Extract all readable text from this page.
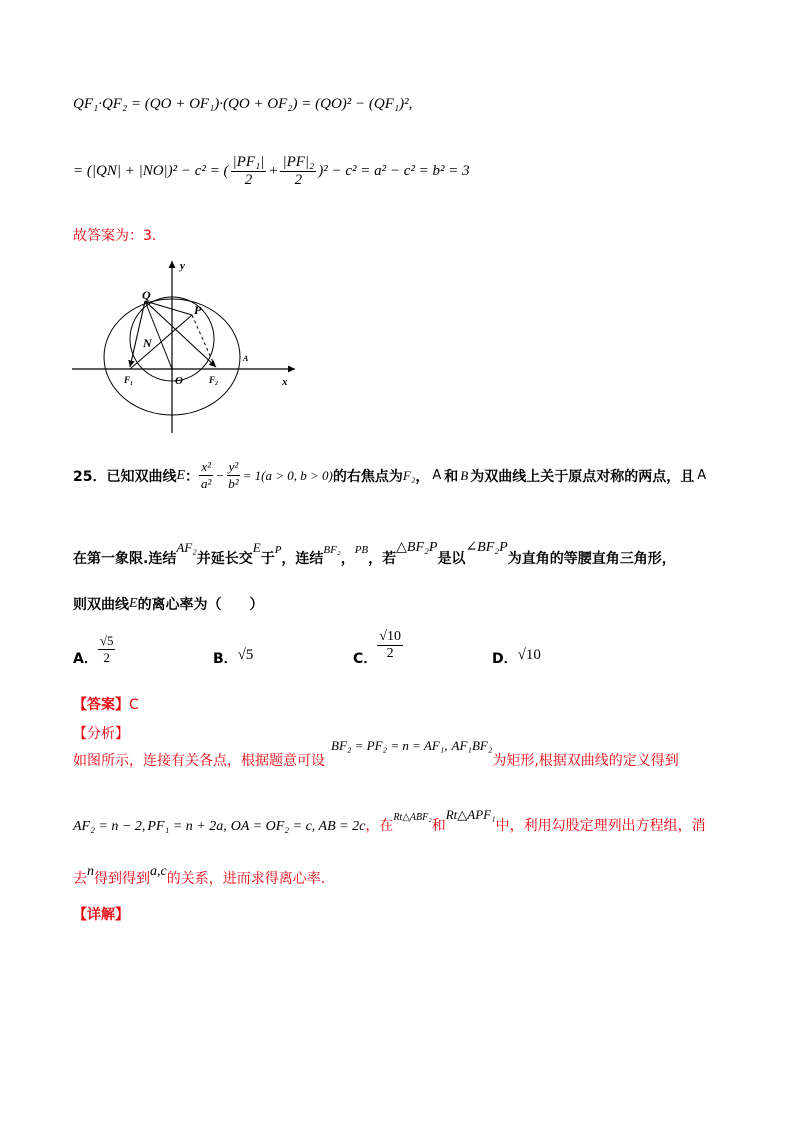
QF₁·QF₂ = (QO + OF₁)·(QO + OF₂) = (QO)² − (QF₁)²,
= (|QN| + |NO|)² − c² = ( $\frac{\text{|PF₁|}}{2} + \frac{\text{|PF|₂}}{2} )^2 - c^2 = a^2 - c^2 = b^2 = 3$
故答案为：3.
y
x
Q
P
N
O
A
F₁	F₂
25． 已知双曲线 E ： $\frac{\text{x²}}{\text{a²}} - \frac{\text{y²}}{\text{b²}} = 1(a > 0$, b > 0) 的右焦点为 F₂ ， A 和 B 为双曲线上关于原点对称的两点，且 A
在第一象限.连结
AF₂
并延长交
E
于
P
，连结
BF₂
，
PB
，若
△BF₂P
是以
∠BF₂P
为直角的等腰直角三角形，
则双曲线 E 的离心率为（　　）
A． $\frac{√5}{2}$	B． √5	C． $\frac{√10}{2}$	D． √10
【答案】C
【分析】
如图所示，连接有关各点，根据题意可设
BF₂ = PF₂ = n = AF₁ , AF₁BF₂
为矩形,根据双曲线的定义得到
AF₂ = n − 2 , PF₁ = n + 2a , OA = OF₂ = c, AB = 2c ，在
Rt△ABF₂
和
Rt△APF₁
中，利用勾股定理列出方程组，消
去 n 得到得到 a,c 的关系，进而求得离心率.
【详解】
